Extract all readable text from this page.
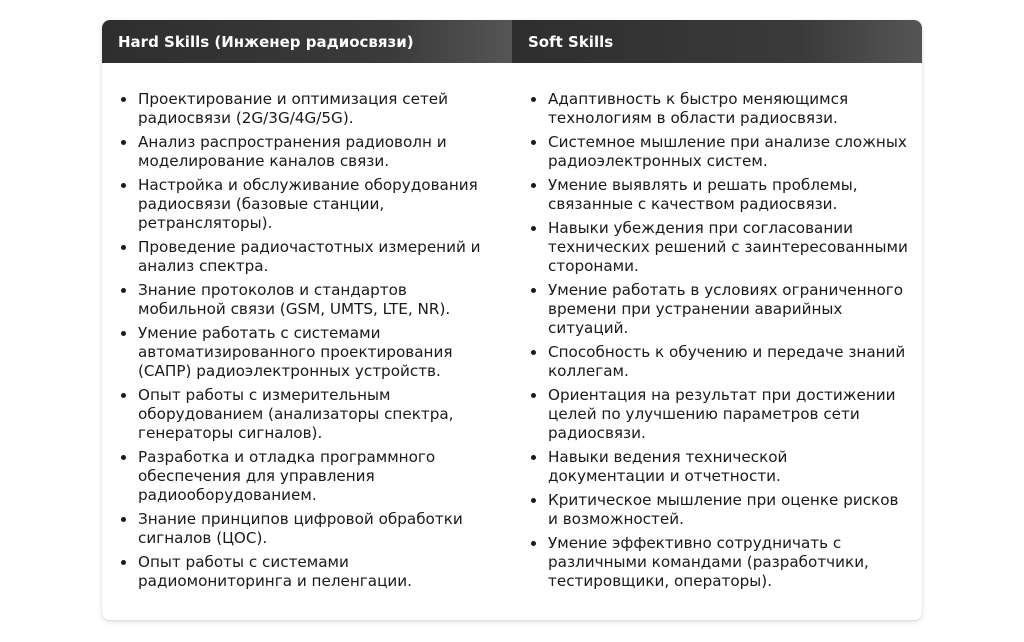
Hard Skills (Инженер радиосвязи)	Soft Skills
Проектирование и оптимизация сетей радиосвязи (2G/3G/4G/5G).
Анализ распространения радиоволн и моделирование каналов связи.
Настройка и обслуживание оборудования радиосвязи (базовые станции, ретрансляторы).
Проведение радиочастотных измерений и анализ спектра.
Знание протоколов и стандартов мобильной связи (GSM, UMTS, LTE, NR).
Умение работать с системами автоматизированного проектирования (САПР) радиоэлектронных устройств.
Опыт работы с измерительным оборудованием (анализаторы спектра, генераторы сигналов).
Разработка и отладка программного обеспечения для управления радиооборудованием.
Знание принципов цифровой обработки сигналов (ЦОС).
Опыт работы с системами радиомониторинга и пеленгации.
Адаптивность к быстро меняющимся технологиям в области радиосвязи.
Системное мышление при анализе сложных радиоэлектронных систем.
Умение выявлять и решать проблемы, связанные с качеством радиосвязи.
Навыки убеждения при согласовании технических решений с заинтересованными сторонами.
Умение работать в условиях ограниченного времени при устранении аварийных ситуаций.
Способность к обучению и передаче знаний коллегам.
Ориентация на результат при достижении целей по улучшению параметров сети радиосвязи.
Навыки ведения технической документации и отчетности.
Критическое мышление при оценке рисков и возможностей.
Умение эффективно сотрудничать с различными командами (разработчики, тестировщики, операторы).
